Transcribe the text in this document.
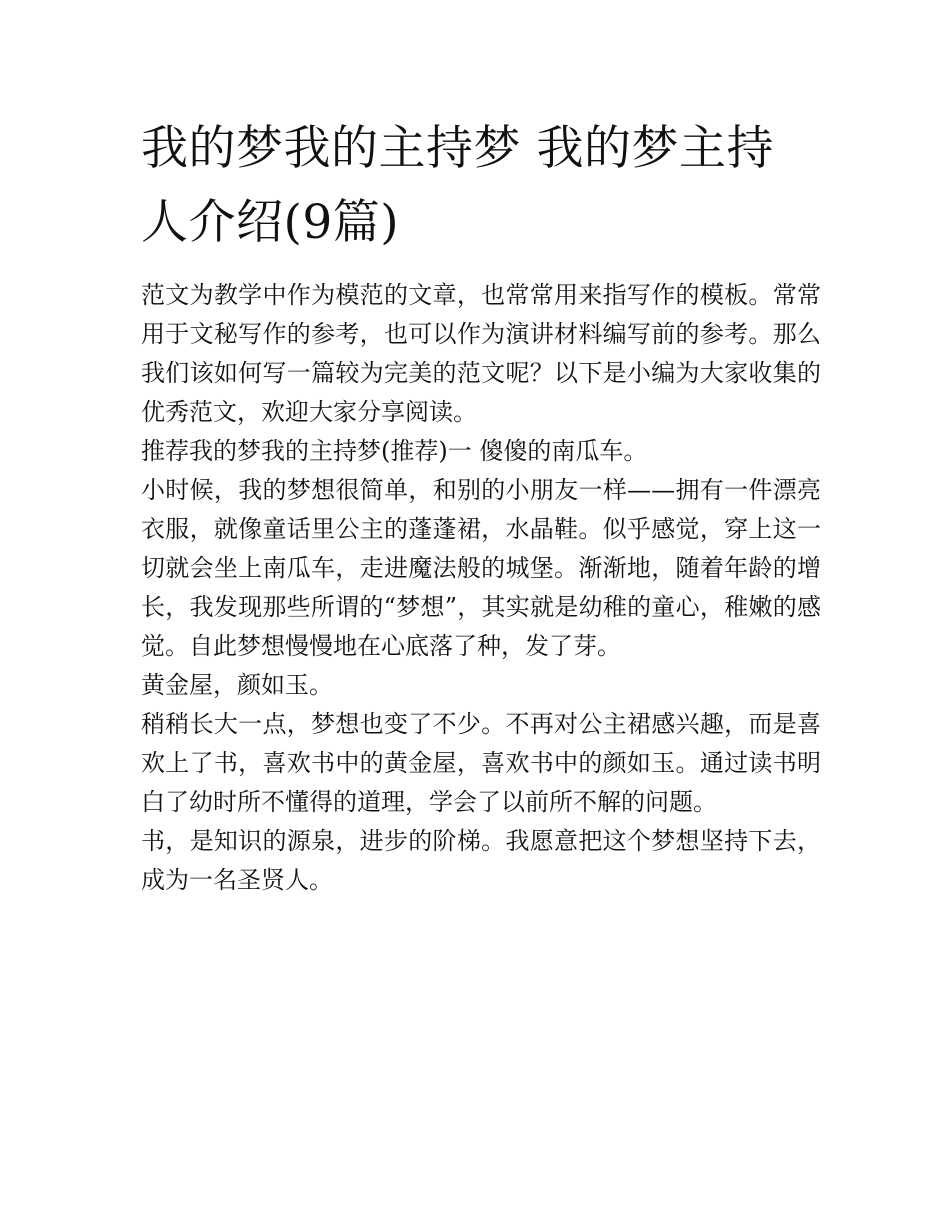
我的梦我的主持梦 我的梦主持人介绍(9篇)

范文为教学中作为模范的文章，也常常用来指写作的模板。常常用于文秘写作的参考，也可以作为演讲材料编写前的参考。那么我们该如何写一篇较为完美的范文呢？以下是小编为大家收集的优秀范文，欢迎大家分享阅读。

推荐我的梦我的主持梦(推荐)一 傻傻的南瓜车。

小时候，我的梦想很简单，和别的小朋友一样——拥有一件漂亮衣服，就像童话里公主的蓬蓬裙，水晶鞋。似乎感觉，穿上这一切就会坐上南瓜车，走进魔法般的城堡。渐渐地，随着年龄的增长，我发现那些所谓的“梦想”，其实就是幼稚的童心，稚嫩的感觉。自此梦想慢慢地在心底落了种，发了芽。

黄金屋，颜如玉。

稍稍长大一点，梦想也变了不少。不再对公主裙感兴趣，而是喜欢上了书，喜欢书中的黄金屋，喜欢书中的颜如玉。通过读书明白了幼时所不懂得的道理，学会了以前所不解的问题。

书，是知识的源泉，进步的阶梯。我愿意把这个梦想坚持下去，成为一名圣贤人。
